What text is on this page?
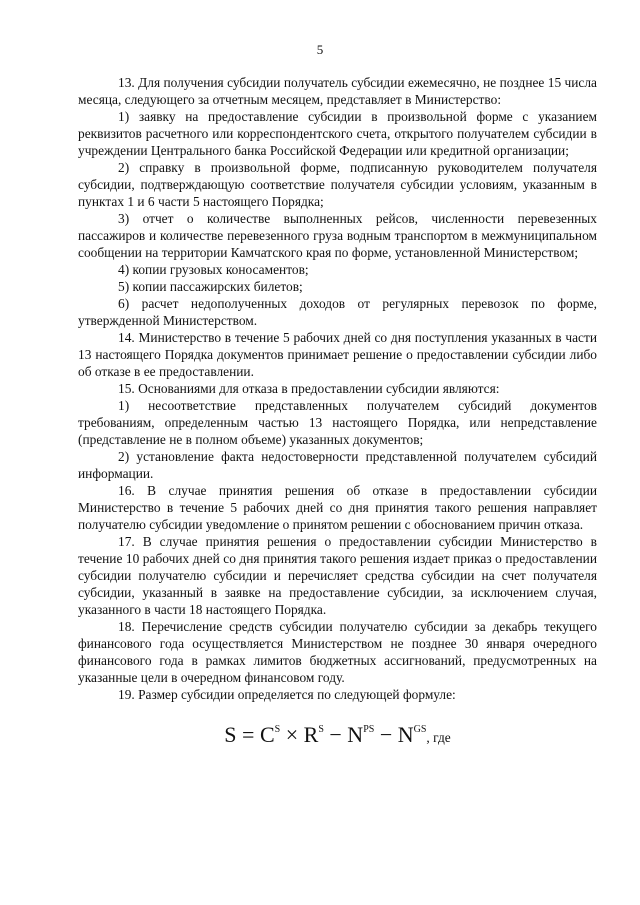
5

13. Для получения субсидии получатель субсидии ежемесячно, не позднее 15 числа месяца, следующего за отчетным месяцем, представляет в Министерство:

1) заявку на предоставление субсидии в произвольной форме с указанием реквизитов расчетного или корреспондентского счета, открытого получателем субсидии в учреждении Центрального банка Российской Федерации или кредитной организации;

2) справку в произвольной форме, подписанную руководителем получателя субсидии, подтверждающую соответствие получателя субсидии условиям, указанным в пунктах 1 и 6 части 5 настоящего Порядка;

3) отчет о количестве выполненных рейсов, численности перевезенных пассажиров и количестве перевезенного груза водным транспортом в межмуниципальном сообщении на территории Камчатского края по форме, установленной Министерством;

4) копии грузовых коносаментов;

5) копии пассажирских билетов;

6) расчет недополученных доходов от регулярных перевозок по форме, утвержденной Министерством.

14. Министерство в течение 5 рабочих дней со дня поступления указанных в части 13 настоящего Порядка документов принимает решение о предоставлении субсидии либо об отказе в ее предоставлении.

15. Основаниями для отказа в предоставлении субсидии являются:

1) несоответствие представленных получателем субсидий документов требованиям, определенным частью 13 настоящего Порядка, или непредставление (представление не в полном объеме) указанных документов;

2) установление факта недостоверности представленной получателем субсидий информации.

16. В случае принятия решения об отказе в предоставлении субсидии Министерство в течение 5 рабочих дней со дня принятия такого решения направляет получателю субсидии уведомление о принятом решении с обоснованием причин отказа.

17. В случае принятия решения о предоставлении субсидии Министерство в течение 10 рабочих дней со дня принятия такого решения издает приказ о предоставлении субсидии получателю субсидии и перечисляет средства субсидии на счет получателя субсидии, указанный в заявке на предоставление субсидии, за исключением случая, указанного в части 18 настоящего Порядка.

18. Перечисление средств субсидии получателю субсидии за декабрь текущего финансового года осуществляется Министерством не позднее 30 января очередного финансового года в рамках лимитов бюджетных ассигнований, предусмотренных на указанные цели в очередном финансовом году.

19. Размер субсидии определяется по следующей формуле:

$S = C^S \times R^S - N^{PS} - N^{GS}$, где
